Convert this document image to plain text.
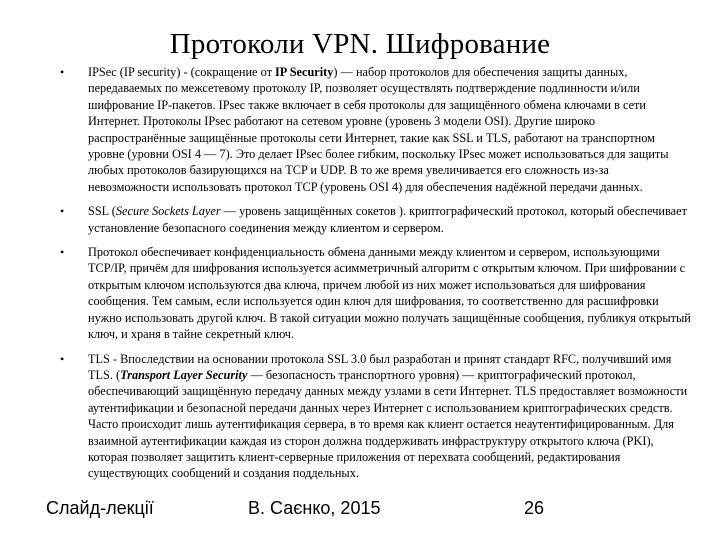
Протоколи VPN. Шифрование
• IPSec (IP security) - (сокращение от IP Security) — набор протоколов для обеспечения защиты данных, передаваемых по межсетевому протоколу IP, позволяет осуществлять подтверждение подлинности и/или шифрование IP-пакетов. IPsec также включает в себя протоколы для защищённого обмена ключами в сети Интернет. Протоколы IPsec работают на сетевом уровне (уровень 3 модели OSI). Другие широко распространённые защищённые протоколы сети Интернет, такие как SSL и TLS, работают на транспортном уровне (уровни OSI 4 — 7). Это делает IPsec более гибким, поскольку IPsec может использоваться для защиты любых протоколов базирующихся на TCP и UDP. В то же время увеличивается его сложность из-за невозможности использовать протокол TCP (уровень OSI 4) для обеспечения надёжной передачи данных.
• SSL (Secure Sockets Layer — уровень защищённых сокетов ). криптографический протокол, который обеспечивает установление безопасного соединения между клиентом и сервером.
• Протокол обеспечивает конфиденциальность обмена данными между клиентом и сервером, использующими TCP/IP, причём для шифрования используется асимметричный алгоритм с открытым ключом. При шифровании с открытым ключом используются два ключа, причем любой из них может использоваться для шифрования сообщения. Тем самым, если используется один ключ для шифрования, то соответственно для расшифровки нужно использовать другой ключ. В такой ситуации можно получать защищённые сообщения, публикуя открытый ключ, и храня в тайне секретный ключ.
• TLS - Впоследствии на основании протокола SSL 3.0 был разработан и принят стандарт RFC, получивший имя TLS. (Transport Layer Security — безопасность транспортного уровня) — криптографический протокол, обеспечивающий защищённую передачу данных между узлами в сети Интернет. TLS предоставляет возможности аутентификации и безопасной передачи данных через Интернет с использованием криптографических средств. Часто происходит лишь аутентификация сервера, в то время как клиент остается неаутентифицированным. Для взаимной аутентификации каждая из сторон должна поддерживать инфраструктуру открытого ключа (PKI), которая позволяет защитить клиент-серверные приложения от перехвата сообщений, редактирования существующих сообщений и создания поддельных.
Слайд-лекції	В. Саєнко, 2015	26
